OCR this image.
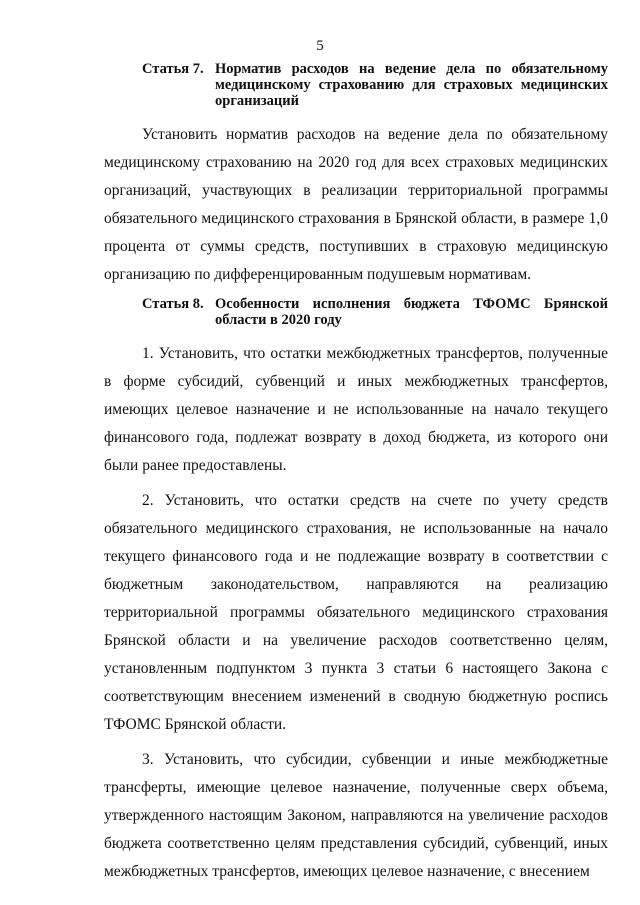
5
Статья 7. Норматив расходов на ведение дела по обязательному медицинскому страхованию для страховых медицинских организаций

Установить норматив расходов на ведение дела по обязательному медицинскому страхованию на 2020 год для всех страховых медицинских организаций, участвующих в реализации территориальной программы обязательного медицинского страхования в Брянской области, в размере 1,0 процента от суммы средств, поступивших в страховую медицинскую организацию по дифференцированным подушевым нормативам.

Статья 8. Особенности исполнения бюджета ТФОМС Брянской области в 2020 году

1. Установить, что остатки межбюджетных трансфертов, полученные в форме субсидий, субвенций и иных межбюджетных трансфертов, имеющих целевое назначение и не использованные на начало текущего финансового года, подлежат возврату в доход бюджета, из которого они были ранее предоставлены.

2. Установить, что остатки средств на счете по учету средств обязательного медицинского страхования, не использованные на начало текущего финансового года и не подлежащие возврату в соответствии с бюджетным законодательством, направляются на реализацию территориальной программы обязательного медицинского страхования Брянской области и на увеличение расходов соответственно целям, установленным подпунктом 3 пункта 3 статьи 6 настоящего Закона с соответствующим внесением изменений в сводную бюджетную роспись ТФОМС Брянской области.

3. Установить, что субсидии, субвенции и иные межбюджетные трансферты, имеющие целевое назначение, полученные сверх объема, утвержденного настоящим Законом, направляются на увеличение расходов бюджета соответственно целям представления субсидий, субвенций, иных межбюджетных трансфертов, имеющих целевое назначение, с внесением
